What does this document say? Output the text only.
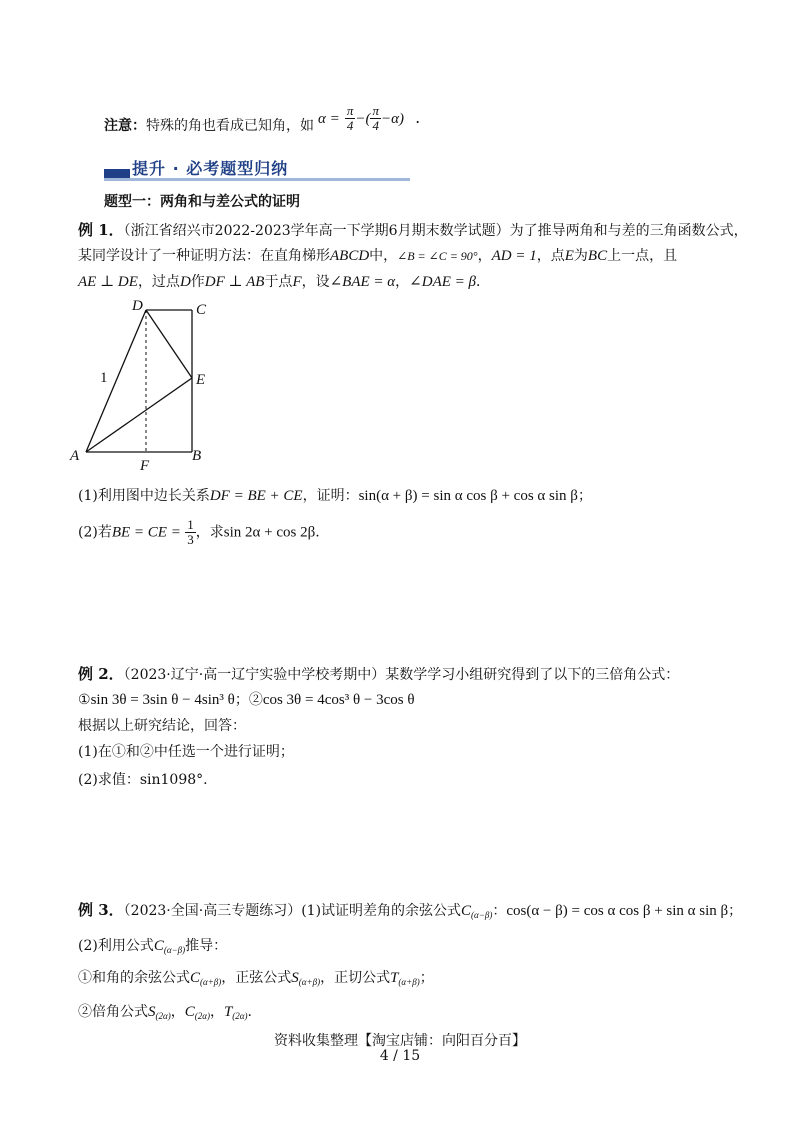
注意：特殊的角也看成已知角，如 $\alpha = \frac{\pi}{4}$ −( $\frac{\pi}{4} -\alpha$) .
提升 · 必考题型归纳
题型一：两角和与差公式的证明
例 1．（浙江省绍兴市2022-2023学年高一下学期6月期末数学试题）为了推导两角和与差的三角函数公式，
某同学设计了一种证明方法：在直角梯形ABCD中，∠B = ∠C = 90°，AD = 1，点E为BC上一点，且
AE ⊥ DE，过点D作DF ⊥ AB于点F，设∠BAE = α，∠DAE = β．
D	C
E
A
F
B
1
(1)利用图中边长关系DF = BE + CE，证明：sin(α + β) = sin α cos β + cos α sin β；
(2)若BE = CE = $\frac{1}{3}$ ，求sin 2α + cos 2β.
例 2．（2023·辽宁·高一辽宁实验中学校考期中）某数学学习小组研究得到了以下的三倍角公式：
①sin 3θ = 3sin θ − 4sin³ θ；②cos 3θ = 4cos³ θ − 3cos θ
根据以上研究结论，回答：
(1)在①和②中任选一个进行证明；
(2)求值：sin1098°.
例 3．（2023·全国·高三专题练习）(1)试证明差角的余弦公式$C_{(\alpha-\beta)}$：cos(α − β) = cos α cos β + sin α sin β；
(2)利用公式$C_{(\alpha-\beta)}$推导：
①和角的余弦公式$C_{(\alpha+\beta)}$，正弦公式$S_{(\alpha+\beta)}$，正切公式$T_{(\alpha+\beta)}$；
②倍角公式$S_{(2\alpha)}$，$C_{(2\alpha)}$，$T_{(2\alpha)}$.
资料收集整理【淘宝店铺：向阳百分百】
4 / 15
